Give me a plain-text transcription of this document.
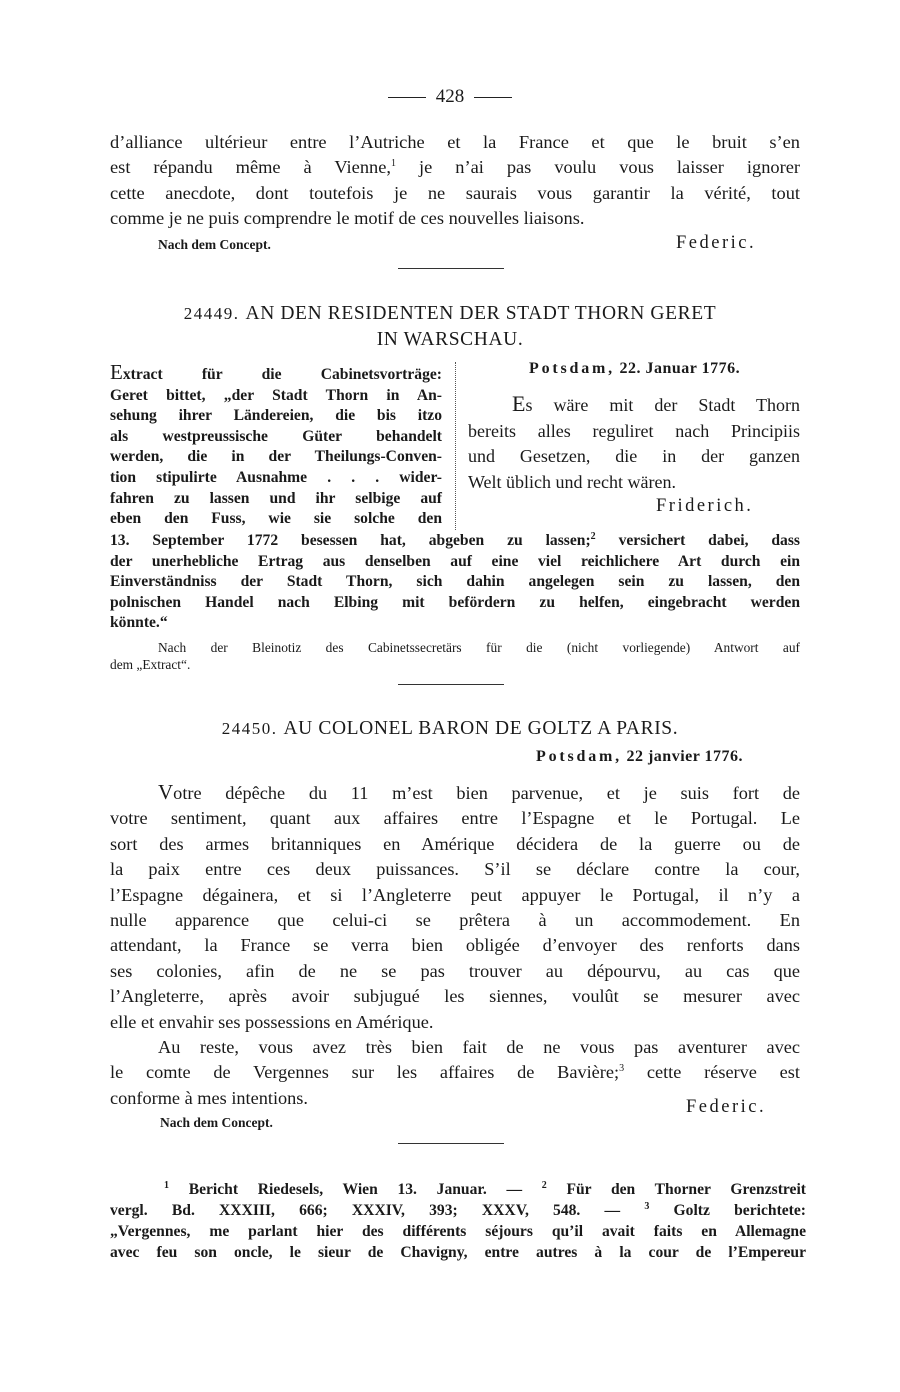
428
d’alliance ultérieur entre l’Autriche et la France et que le bruit s’en
est répandu même à Vienne,$^1$ je n’ai pas voulu vous laisser ignorer
cette anecdote, dont toutefois je ne saurais vous garantir la vérité, tout
comme je ne puis comprendre le motif de ces nouvelles liaisons.
Nach dem Concept.	Federic.
24449. AN DEN RESIDENTEN DER STADT THORN GERET
IN WARSCHAU.
Extract für die Cabinetsvorträge:
Geret bittet, „der Stadt Thorn in An-
sehung ihrer Ländereien, die bis itzo
als westpreussische Güter behandelt
werden, die in der Theilungs-Conven-
tion stipulirte Ausnahme . . . wider-
fahren zu lassen und ihr selbige auf
eben den Fuss, wie sie solche den
Potsdam, 22. Januar 1776.
Es wäre mit der Stadt Thorn
bereits alles reguliret nach Principiis
und Gesetzen, die in der ganzen
Welt üblich und recht wären.
Friderich.
13. September 1772 besessen hat, abgeben zu lassen;$^2$ versichert dabei, dass
der unerhebliche Ertrag aus denselben auf eine viel reichlichere Art durch ein
Einverständniss der Stadt Thorn, sich dahin angelegen sein zu lassen, den
polnischen Handel nach Elbing mit befördern zu helfen, eingebracht werden
könnte.“
Nach der Bleinotiz des Cabinetssecretärs für die (nicht vorliegende) Antwort auf
dem „Extract“.
24450. AU COLONEL BARON DE GOLTZ A PARIS.
Potsdam, 22 janvier 1776.
Votre dépêche du 11 m’est bien parvenue, et je suis fort de
votre sentiment, quant aux affaires entre l’Espagne et le Portugal. Le
sort des armes britanniques en Amérique décidera de la guerre ou de
la paix entre ces deux puissances. S’il se déclare contre la cour,
l’Espagne dégainera, et si l’Angleterre peut appuyer le Portugal, il n’y a
nulle apparence que celui-ci se prêtera à un accommodement. En
attendant, la France se verra bien obligée d’envoyer des renforts dans
ses colonies, afin de ne se pas trouver au dépourvu, au cas que
l’Angleterre, après avoir subjugué les siennes, voulût se mesurer avec
elle et envahir ses possessions en Amérique.
Au reste, vous avez très bien fait de ne vous pas aventurer avec
le comte de Vergennes sur les affaires de Bavière;$^3$ cette réserve est
conforme à mes intentions.	Federic.
Nach dem Concept.
$^1$ Bericht Riedesels, Wien 13. Januar. — $^2$ Für den Thorner Grenzstreit
vergl. Bd. XXXIII, 666; XXXIV, 393; XXXV, 548. — $^3$ Goltz berichtete:
„Vergennes, me parlant hier des différents séjours qu’il avait faits en Allemagne
avec feu son oncle, le sieur de Chavigny, entre autres à la cour de l’Empereur
